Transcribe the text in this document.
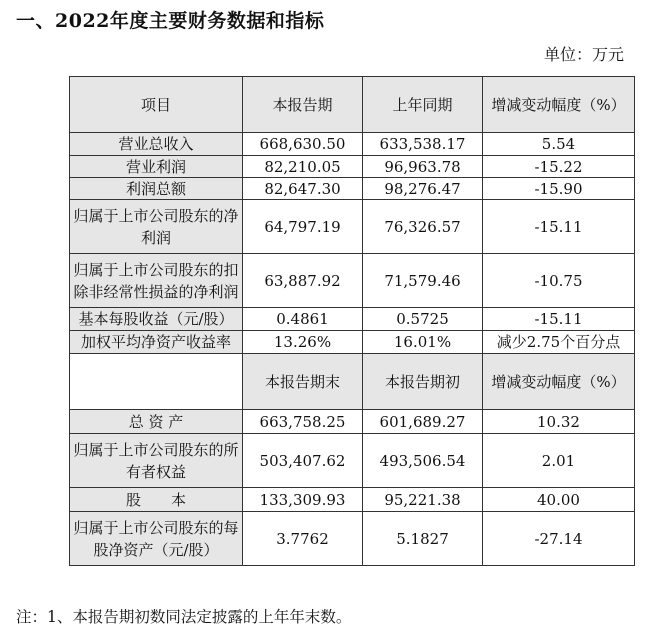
一、2022年度主要财务数据和指标
单位：万元
项目	本报告期	上年同期	增减变动幅度（%）
营业总收入	668,630.50	633,538.17	5.54
营业利润	82,210.05	96,963.78	-15.22
利润总额	82,647.30	98,276.47	-15.90
归属于上市公司股东的净利润	64,797.19	76,326.57	-15.11
归属于上市公司股东的扣除非经常性损益的净利润	63,887.92	71,579.46	-10.75
基本每股收益（元/股）	0.4861	0.5725	-15.11
加权平均净资产收益率	13.26%	16.01%	减少2.75个百分点
	本报告期末	本报告期初	增减变动幅度（%）
总 资 产	663,758.25	601,689.27	10.32
归属于上市公司股东的所有者权益	503,407.62	493,506.54	2.01
股　　本	133,309.93	95,221.38	40.00
归属于上市公司股东的每股净资产（元/股）	3.7762	5.1827	-27.14
注：1、本报告期初数同法定披露的上年年末数。
